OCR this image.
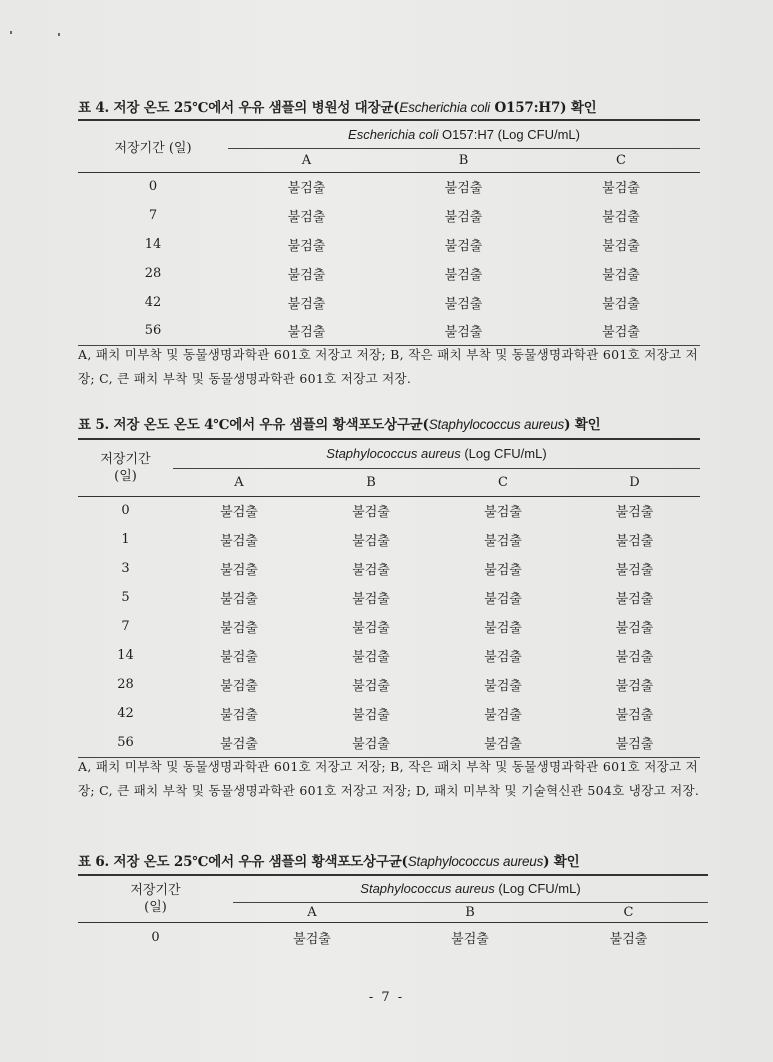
표 4. 저장 온도 25℃에서 우유 샘플의 병원성 대장균(Escherichia coli O157:H7) 확인
저장기간 (일)	Escherichia coli O157:H7 (Log CFU/mL)		
	A	B	C
0	불검출	불검출	불검출
7	불검출	불검출	불검출
14	불검출	불검출	불검출
28	불검출	불검출	불검출
42	불검출	불검출	불검출
56	불검출	불검출	불검출
A, 패치 미부착 및 동물생명과학관 601호 저장고 저장; B, 작은 패치 부착 및 동물생명과학관 601호 저장고 저장; C, 큰 패치 부착 및 동물생명과학관 601호 저장고 저장.
표 5. 저장 온도 온도 4℃에서 우유 샘플의 황색포도상구균(Staphylococcus aureus) 확인
저장기간 (일)	Staphylococcus aureus (Log CFU/mL)			
	A	B	C	D
0	불검출	불검출	불검출	불검출
1	불검출	불검출	불검출	불검출
3	불검출	불검출	불검출	불검출
5	불검출	불검출	불검출	불검출
7	불검출	불검출	불검출	불검출
14	불검출	불검출	불검출	불검출
28	불검출	불검출	불검출	불검출
42	불검출	불검출	불검출	불검출
56	불검출	불검출	불검출	불검출
A, 패치 미부착 및 동물생명과학관 601호 저장고 저장; B, 작은 패치 부착 및 동물생명과학관 601호 저장고 저장; C, 큰 패치 부착 및 동물생명과학관 601호 저장고 저장; D, 패치 미부착 및 기술혁신관 504호 냉장고 저장.
표 6. 저장 온도 25℃에서 우유 샘플의 황색포도상구균(Staphylococcus aureus) 확인
저장기간 (일)	Staphylococcus aureus (Log CFU/mL)		
	A	B	C
0	불검출	불검출	불검출
- 7 -
